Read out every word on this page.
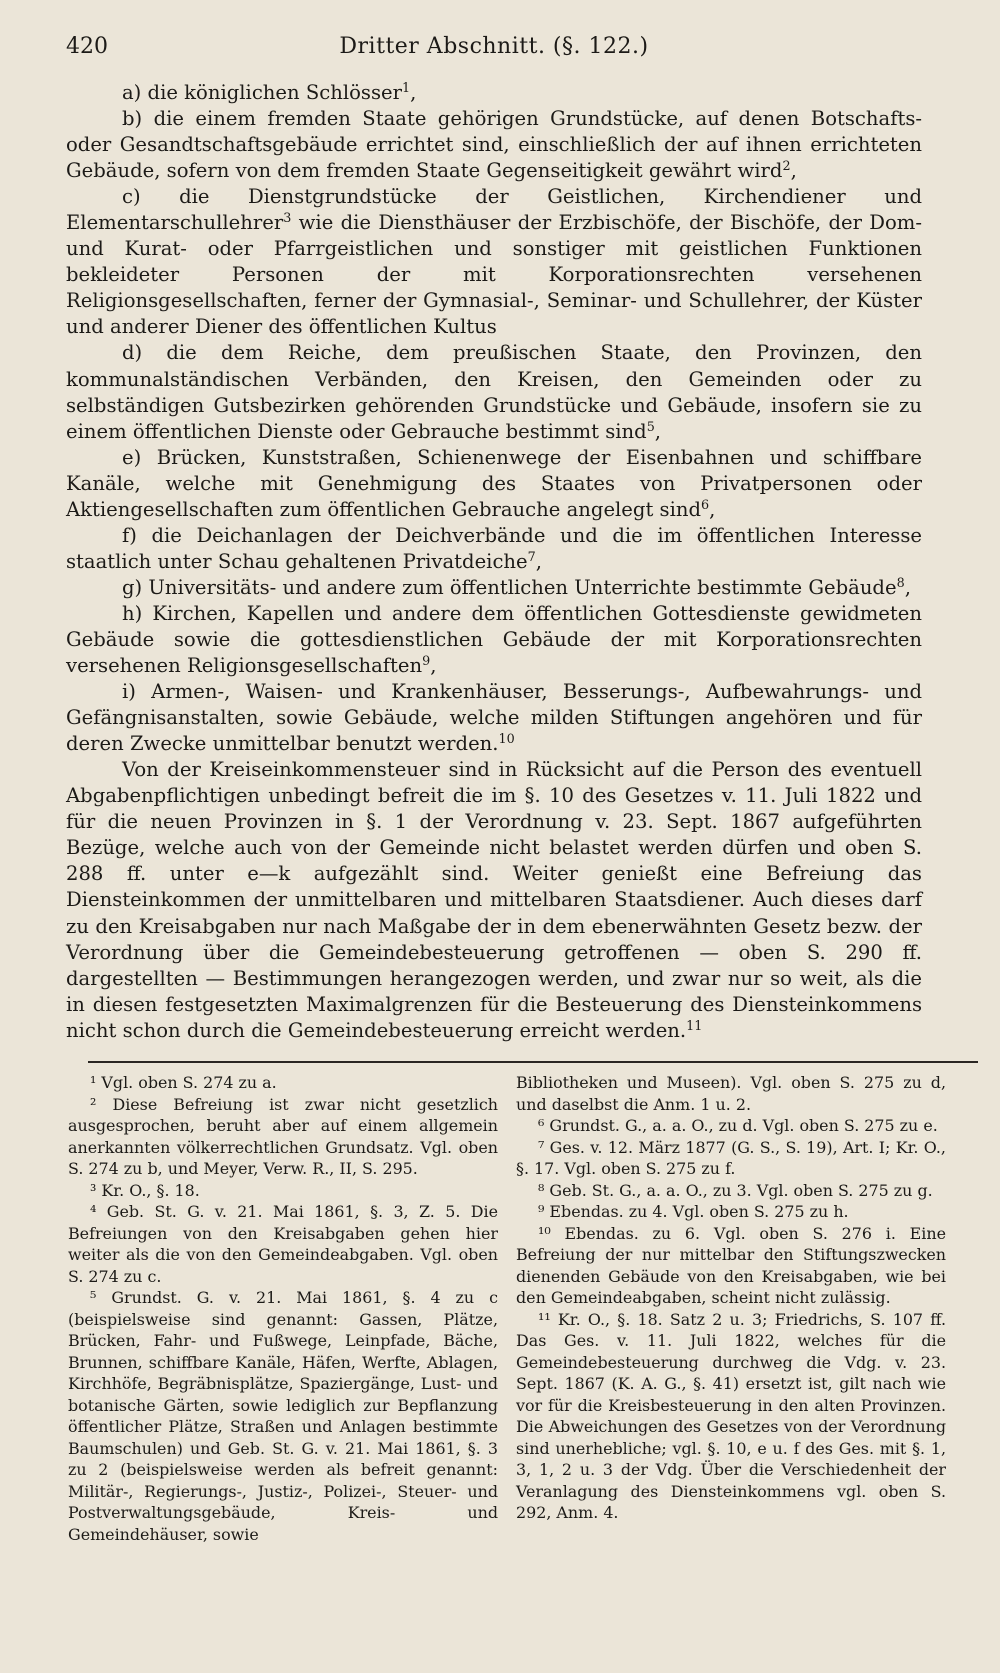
420	Dritter Abschnitt. (§. 122.)

a) die königlichen Schlösser$^1$,

b) die einem fremden Staate gehörigen Grundstücke, auf denen Botschafts- oder Gesandtschaftsgebäude errichtet sind, einschließlich der auf ihnen errichteten Gebäude, sofern von dem fremden Staate Gegenseitigkeit gewährt wird$^2$,

c) die Dienstgrundstücke der Geistlichen, Kirchendiener und Elementarschullehrer$^3$ wie die Diensthäuser der Erzbischöfe, der Bischöfe, der Dom- und Kurat- oder Pfarrgeistlichen und sonstiger mit geistlichen Funktionen bekleideter Personen der mit Korporationsrechten versehenen Religionsgesellschaften, ferner der Gymnasial-, Seminar- und Schullehrer, der Küster und anderer Diener des öffentlichen Kultus

d) die dem Reiche, dem preußischen Staate, den Provinzen, den kommunalständischen Verbänden, den Kreisen, den Gemeinden oder zu selbständigen Gutsbezirken gehörenden Grundstücke und Gebäude, insofern sie zu einem öffentlichen Dienste oder Gebrauche bestimmt sind$^5$,

e) Brücken, Kunststraßen, Schienenwege der Eisenbahnen und schiffbare Kanäle, welche mit Genehmigung des Staates von Privatpersonen oder Aktiengesellschaften zum öffentlichen Gebrauche angelegt sind$^6$,

f) die Deichanlagen der Deichverbände und die im öffentlichen Interesse staatlich unter Schau gehaltenen Privatdeiche$^7$,

g) Universitäts- und andere zum öffentlichen Unterrichte bestimmte Gebäude$^8$,

h) Kirchen, Kapellen und andere dem öffentlichen Gottesdienste gewidmeten Gebäude sowie die gottesdienstlichen Gebäude der mit Korporationsrechten versehenen Religionsgesellschaften$^9$,

i) Armen-, Waisen- und Krankenhäuser, Besserungs-, Aufbewahrungs- und Gefängnisanstalten, sowie Gebäude, welche milden Stiftungen angehören und für deren Zwecke unmittelbar benutzt werden.$^{10}$

Von der Kreiseinkommensteuer sind in Rücksicht auf die Person des eventuell Abgabenpflichtigen unbedingt befreit die im §. 10 des Gesetzes v. 11. Juli 1822 und für die neuen Provinzen in §. 1 der Verordnung v. 23. Sept. 1867 aufgeführten Bezüge, welche auch von der Gemeinde nicht belastet werden dürfen und oben S. 288 ff. unter e—k aufgezählt sind. Weiter genießt eine Befreiung das Diensteinkommen der unmittelbaren und mittelbaren Staatsdiener. Auch dieses darf zu den Kreisabgaben nur nach Maßgabe der in dem ebenerwähnten Gesetz bezw. der Verordnung über die Gemeindebesteuerung getroffenen — oben S. 290 ff. dargestellten — Bestimmungen herangezogen werden, und zwar nur so weit, als die in diesen festgesetzten Maximalgrenzen für die Besteuerung des Diensteinkommens nicht schon durch die Gemeindebesteuerung erreicht werden.$^{11}$

¹ Vgl. oben S. 274 zu a.

² Diese Befreiung ist zwar nicht gesetzlich ausgesprochen, beruht aber auf einem allgemein anerkannten völkerrechtlichen Grundsatz. Vgl. oben S. 274 zu b, und Meyer, Verw. R., II, S. 295.

³ Kr. O., §. 18.

⁴ Geb. St. G. v. 21. Mai 1861, §. 3, Z. 5. Die Befreiungen von den Kreisabgaben gehen hier weiter als die von den Gemeindeabgaben. Vgl. oben S. 274 zu c.

⁵ Grundst. G. v. 21. Mai 1861, §. 4 zu c (beispielsweise sind genannt: Gassen, Plätze, Brücken, Fahr- und Fußwege, Leinpfade, Bäche, Brunnen, schiffbare Kanäle, Häfen, Werfte, Ablagen, Kirchhöfe, Begräbnisplätze, Spaziergänge, Lust- und botanische Gärten, sowie lediglich zur Bepflanzung öffentlicher Plätze, Straßen und Anlagen bestimmte Baumschulen) und Geb. St. G. v. 21. Mai 1861, §. 3 zu 2 (beispielsweise werden als befreit genannt: Militär-, Regierungs-, Justiz-, Polizei-, Steuer- und Postverwaltungsgebäude, Kreis- und Gemeindehäuser, sowie

Bibliotheken und Museen). Vgl. oben S. 275 zu d, und daselbst die Anm. 1 u. 2.

⁶ Grundst. G., a. a. O., zu d. Vgl. oben S. 275 zu e.

⁷ Ges. v. 12. März 1877 (G. S., S. 19), Art. I; Kr. O., §. 17. Vgl. oben S. 275 zu f.

⁸ Geb. St. G., a. a. O., zu 3. Vgl. oben S. 275 zu g.

⁹ Ebendas. zu 4. Vgl. oben S. 275 zu h.

¹⁰ Ebendas. zu 6. Vgl. oben S. 276 i. Eine Befreiung der nur mittelbar den Stiftungszwecken dienenden Gebäude von den Kreisabgaben, wie bei den Gemeindeabgaben, scheint nicht zulässig.

¹¹ Kr. O., §. 18. Satz 2 u. 3; Friedrichs, S. 107 ff. Das Ges. v. 11. Juli 1822, welches für die Gemeindebesteuerung durchweg die Vdg. v. 23. Sept. 1867 (K. A. G., §. 41) ersetzt ist, gilt nach wie vor für die Kreisbesteuerung in den alten Provinzen. Die Abweichungen des Gesetzes von der Verordnung sind unerhebliche; vgl. §. 10, e u. f des Ges. mit §. 1, 3, 1, 2 u. 3 der Vdg. Über die Verschiedenheit der Veranlagung des Diensteinkommens vgl. oben S. 292, Anm. 4.
